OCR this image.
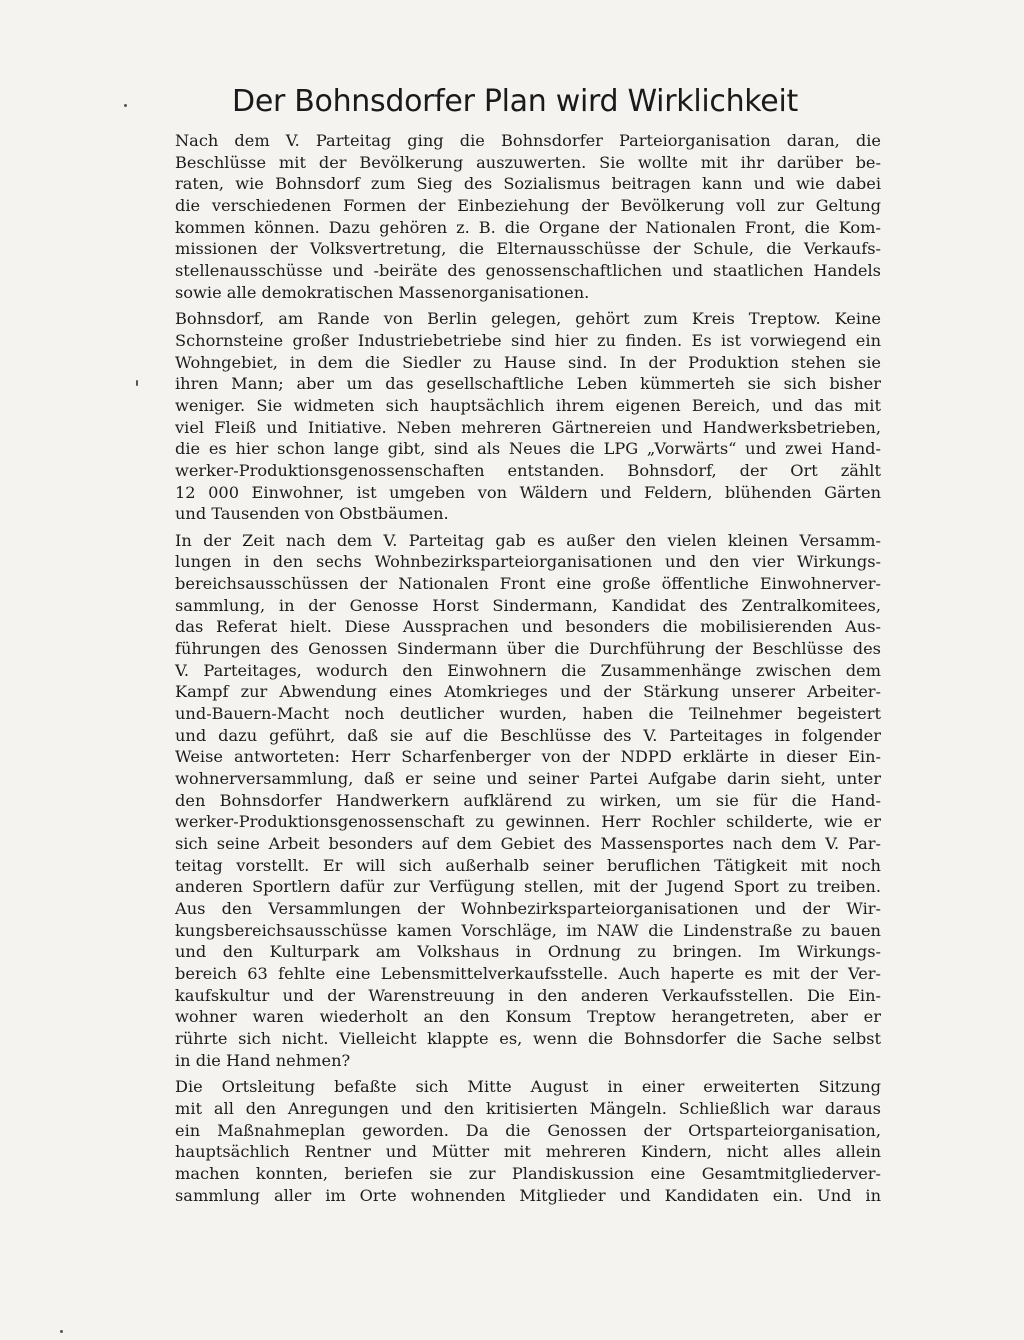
Der Bohnsdorfer Plan wird Wirklichkeit

Nach dem V. Parteitag ging die Bohnsdorfer Parteiorganisation daran, die
Beschlüsse mit der Bevölkerung auszuwerten. Sie wollte mit ihr darüber be-
raten, wie Bohnsdorf zum Sieg des Sozialismus beitragen kann und wie dabei
die verschiedenen Formen der Einbeziehung der Bevölkerung voll zur Geltung
kommen können. Dazu gehören z. B. die Organe der Nationalen Front, die Kom-
missionen der Volksvertretung, die Elternausschüsse der Schule, die Verkaufs-
stellenausschüsse und -beiräte des genossenschaftlichen und staatlichen Handels
sowie alle demokratischen Massenorganisationen.

Bohnsdorf, am Rande von Berlin gelegen, gehört zum Kreis Treptow. Keine
Schornsteine großer Industriebetriebe sind hier zu finden. Es ist vorwiegend ein
Wohngebiet, in dem die Siedler zu Hause sind. In der Produktion stehen sie
ihren Mann; aber um das gesellschaftliche Leben kümmerteh sie sich bisher
weniger. Sie widmeten sich hauptsächlich ihrem eigenen Bereich, und das mit
viel Fleiß und Initiative. Neben mehreren Gärtnereien und Handwerksbetrieben,
die es hier schon lange gibt, sind als Neues die LPG „Vorwärts“ und zwei Hand-
werker-Produktionsgenossenschaften entstanden. Bohnsdorf, der Ort zählt
12 000 Einwohner, ist umgeben von Wäldern und Feldern, blühenden Gärten
und Tausenden von Obstbäumen.

In der Zeit nach dem V. Parteitag gab es außer den vielen kleinen Versamm-
lungen in den sechs Wohnbezirksparteiorganisationen und den vier Wirkungs-
bereichsausschüssen der Nationalen Front eine große öffentliche Einwohnerver-
sammlung, in der Genosse Horst Sindermann, Kandidat des Zentralkomitees,
das Referat hielt. Diese Aussprachen und besonders die mobilisierenden Aus-
führungen des Genossen Sindermann über die Durchführung der Beschlüsse des
V. Parteitages, wodurch den Einwohnern die Zusammenhänge zwischen dem
Kampf zur Abwendung eines Atomkrieges und der Stärkung unserer Arbeiter-
und-Bauern-Macht noch deutlicher wurden, haben die Teilnehmer begeistert
und dazu geführt, daß sie auf die Beschlüsse des V. Parteitages in folgender
Weise antworteten: Herr Scharfenberger von der NDPD erklärte in dieser Ein-
wohnerversammlung, daß er seine und seiner Partei Aufgabe darin sieht, unter
den Bohnsdorfer Handwerkern aufklärend zu wirken, um sie für die Hand-
werker-Produktionsgenossenschaft zu gewinnen. Herr Rochler schilderte, wie er
sich seine Arbeit besonders auf dem Gebiet des Massensportes nach dem V. Par-
teitag vorstellt. Er will sich außerhalb seiner beruflichen Tätigkeit mit noch
anderen Sportlern dafür zur Verfügung stellen, mit der Jugend Sport zu treiben.
Aus den Versammlungen der Wohnbezirksparteiorganisationen und der Wir-
kungsbereichsausschüsse kamen Vorschläge, im NAW die Lindenstraße zu bauen
und den Kulturpark am Volkshaus in Ordnung zu bringen. Im Wirkungs-
bereich 63 fehlte eine Lebensmittelverkaufsstelle. Auch haperte es mit der Ver-
kaufskultur und der Warenstreuung in den anderen Verkaufsstellen. Die Ein-
wohner waren wiederholt an den Konsum Treptow herangetreten, aber er
rührte sich nicht. Vielleicht klappte es, wenn die Bohnsdorfer die Sache selbst
in die Hand nehmen?

Die Ortsleitung befaßte sich Mitte August in einer erweiterten Sitzung
mit all den Anregungen und den kritisierten Mängeln. Schließlich war daraus
ein Maßnahmeplan geworden. Da die Genossen der Ortsparteiorganisation,
hauptsächlich Rentner und Mütter mit mehreren Kindern, nicht alles allein
machen konnten, beriefen sie zur Plandiskussion eine Gesamtmitgliederver-
sammlung aller im Orte wohnenden Mitglieder und Kandidaten ein. Und in
